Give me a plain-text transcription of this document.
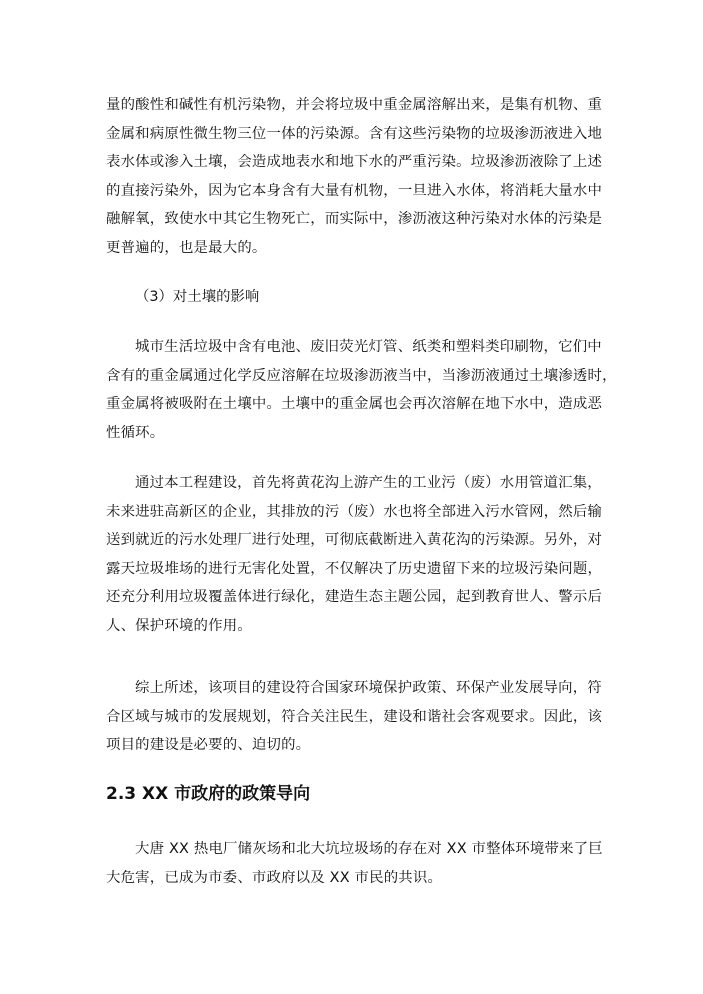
量的酸性和碱性有机污染物，并会将垃圾中重金属溶解出来，是集有机物、重
金属和病原性微生物三位一体的污染源。含有这些污染物的垃圾渗沥液进入地
表水体或渗入土壤，会造成地表水和地下水的严重污染。垃圾渗沥液除了上述
的直接污染外，因为它本身含有大量有机物，一旦进入水体，将消耗大量水中
融解氧，致使水中其它生物死亡，而实际中，渗沥液这种污染对水体的污染是
更普遍的，也是最大的。

（3）对土壤的影响

城市生活垃圾中含有电池、废旧荧光灯管、纸类和塑料类印刷物，它们中
含有的重金属通过化学反应溶解在垃圾渗沥液当中，当渗沥液通过土壤渗透时，
重金属将被吸附在土壤中。土壤中的重金属也会再次溶解在地下水中，造成恶
性循环。

通过本工程建设，首先将黄花沟上游产生的工业污（废）水用管道汇集，
未来进驻高新区的企业，其排放的污（废）水也将全部进入污水管网，然后输
送到就近的污水处理厂进行处理，可彻底截断进入黄花沟的污染源。另外，对
露天垃圾堆场的进行无害化处置，不仅解决了历史遗留下来的垃圾污染问题，
还充分利用垃圾覆盖体进行绿化，建造生态主题公园，起到教育世人、警示后
人、保护环境的作用。

综上所述，该项目的建设符合国家环境保护政策、环保产业发展导向，符
合区域与城市的发展规划，符合关注民生，建设和谐社会客观要求。因此，该
项目的建设是必要的、迫切的。

2.3 XX 市政府的政策导向

大唐 XX 热电厂储灰场和北大坑垃圾场的存在对 XX 市整体环境带来了巨
大危害，已成为市委、市政府以及 XX 市民的共识。
